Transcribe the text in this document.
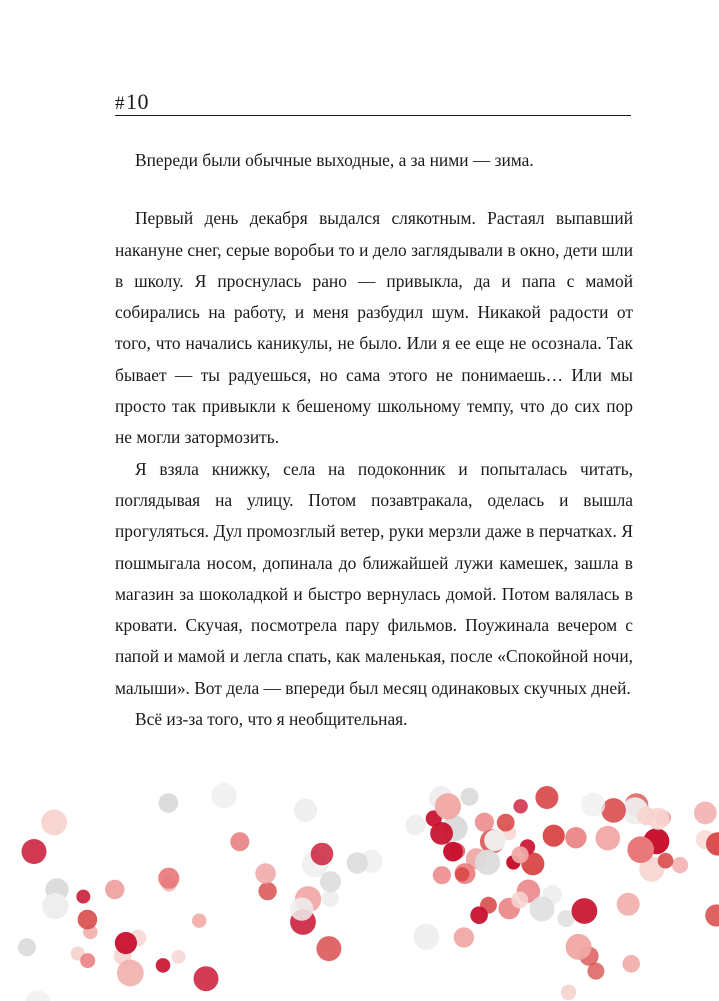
#10

Впереди были обычные выходные, а за ними — зима.

Первый день декабря выдался слякотным. Растаял выпавший накануне снег, серые воробьи то и дело заглядывали в окно, дети шли в школу. Я проснулась рано — привыкла, да и папа с мамой собирались на работу, и меня разбудил шум. Никакой радости от того, что начались каникулы, не было. Или я ее еще не осознала. Так бывает — ты радуешься, но сама этого не понимаешь… Или мы просто так привыкли к бешеному школьному темпу, что до сих пор не могли затормозить.

Я взяла книжку, села на подоконник и попыталась читать, поглядывая на улицу. Потом позавтракала, оделась и вышла прогуляться. Дул промозглый ветер, руки мерзли даже в перчатках. Я пошмыгала носом, допинала до ближайшей лужи камешек, зашла в магазин за шоколадкой и быстро вернулась домой. Потом валялась в кровати. Скучая, посмотрела пару фильмов. Поужинала вечером с папой и мамой и легла спать, как маленькая, после «Спокойной ночи, малыши». Вот дела — впереди был месяц одинаковых скучных дней.

Всё из-за того, что я необщительная.
